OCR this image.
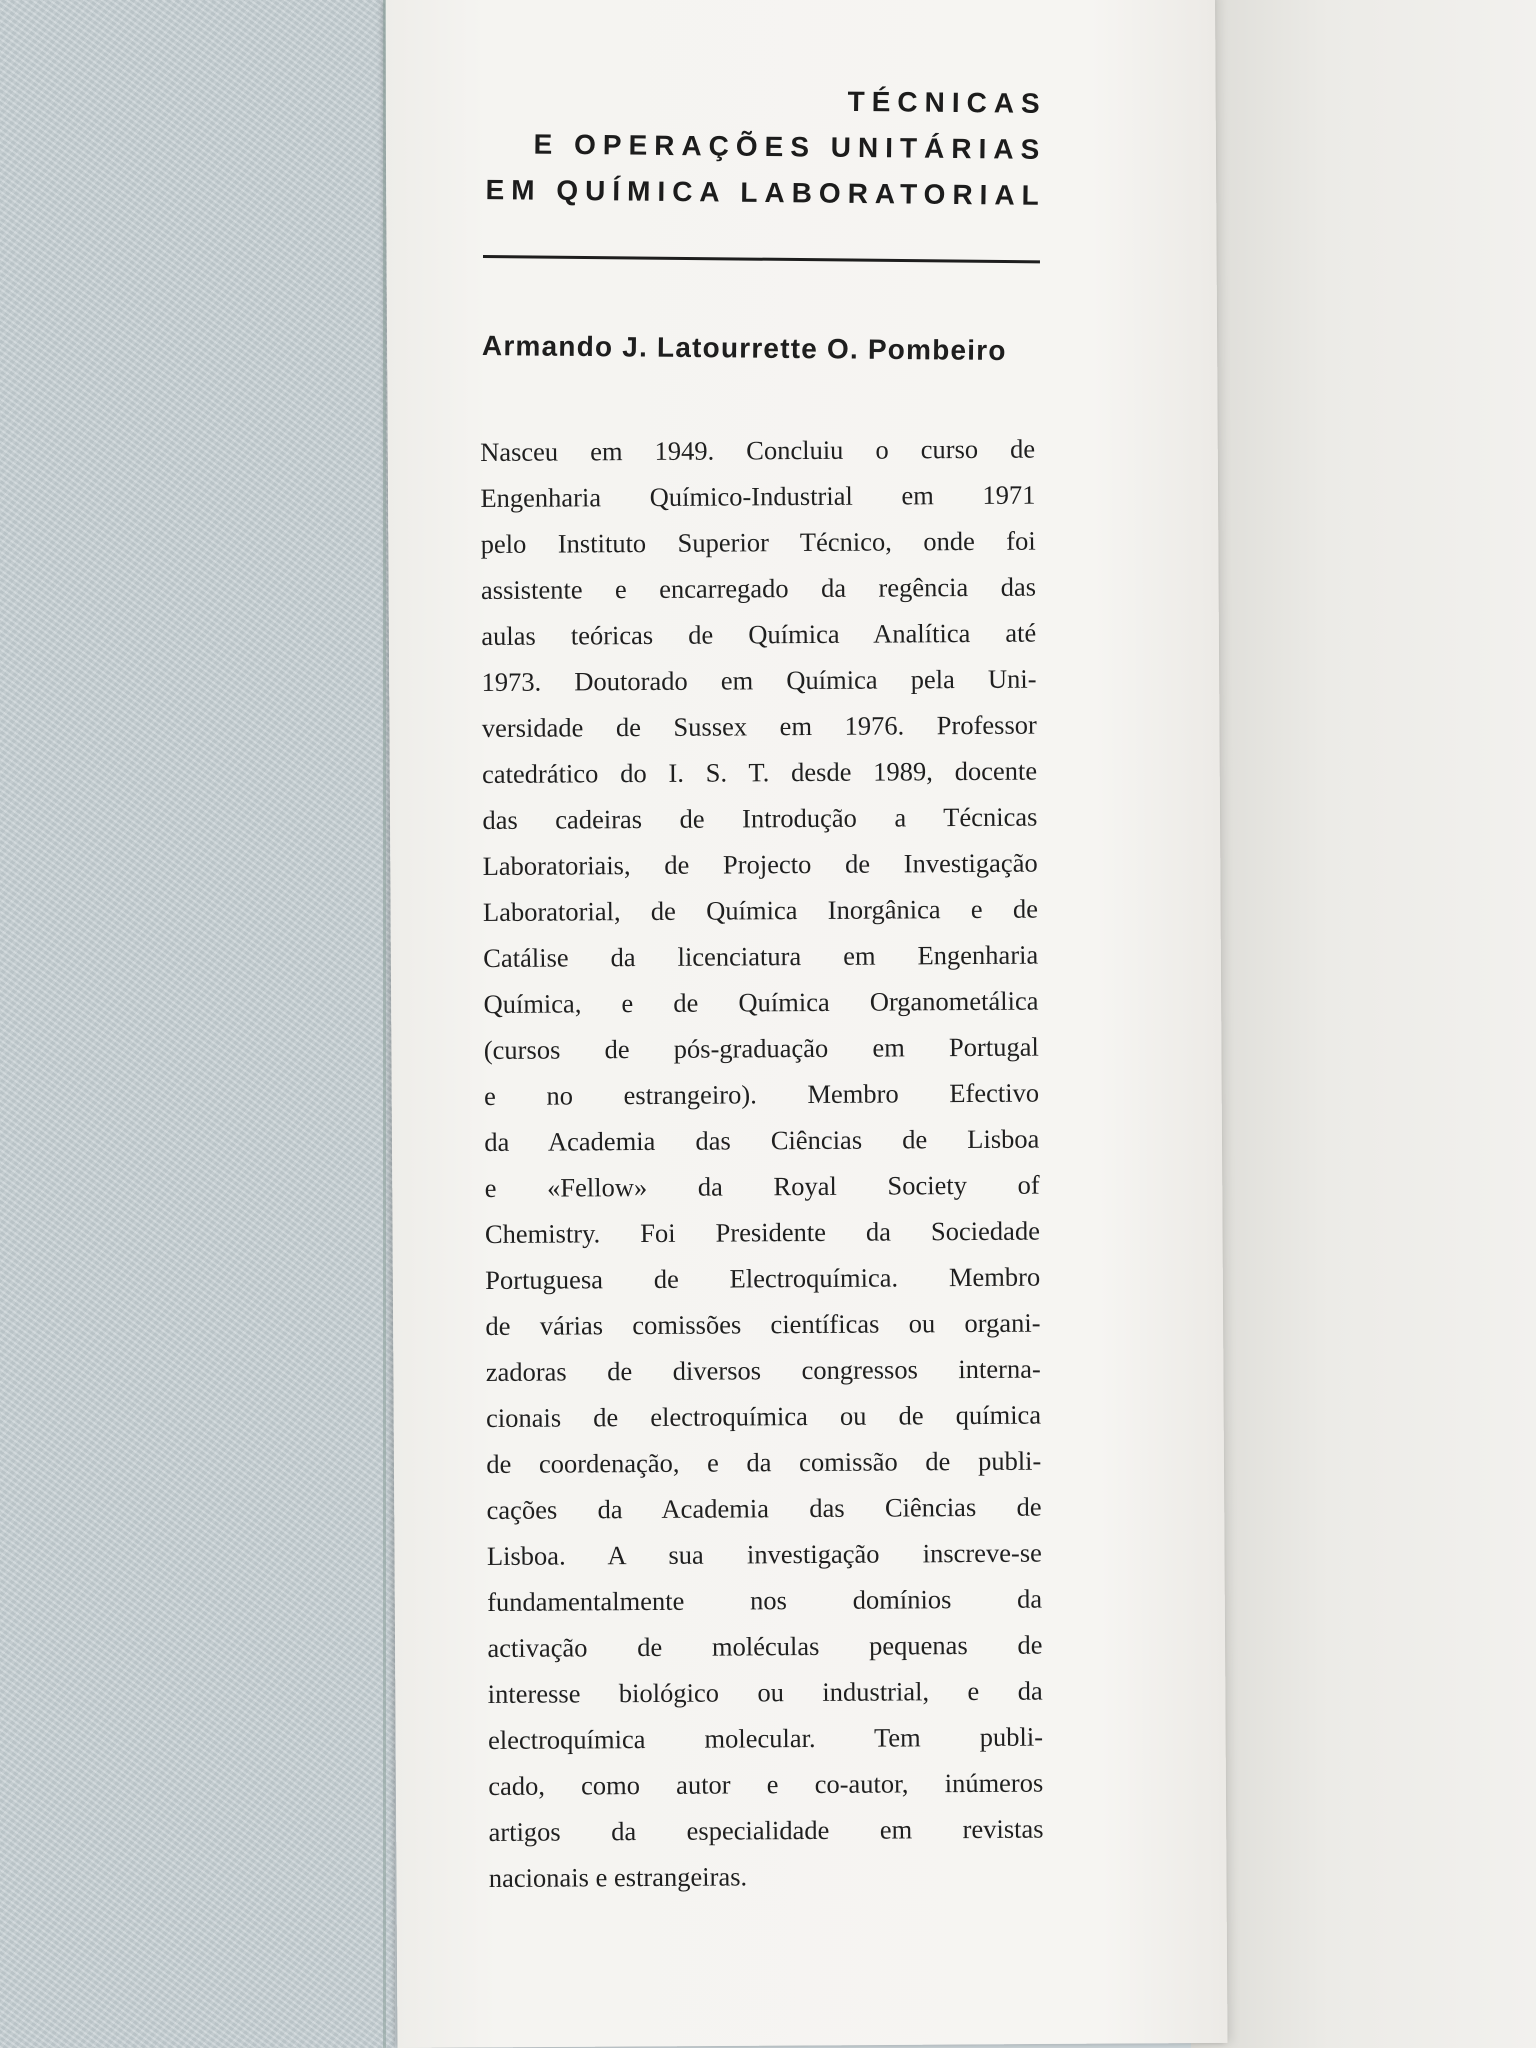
TÉCNICAS
E OPERAÇÕES UNITÁRIAS
EM QUÍMICA LABORATORIAL
Armando J. Latourrette O. Pombeiro
Nasceu em 1949. Concluiu o curso de
Engenharia Químico-Industrial em 1971
pelo Instituto Superior Técnico, onde foi
assistente e encarregado da regência das
aulas teóricas de Química Analítica até
1973. Doutorado em Química pela Uni-
versidade de Sussex em 1976. Professor
catedrático do I. S. T. desde 1989, docente
das cadeiras de Introdução a Técnicas
Laboratoriais, de Projecto de Investigação
Laboratorial, de Química Inorgânica e de
Catálise da licenciatura em Engenharia
Química, e de Química Organometálica
(cursos de pós-graduação em Portugal
e no estrangeiro). Membro Efectivo
da Academia das Ciências de Lisboa
e «Fellow» da Royal Society of
Chemistry. Foi Presidente da Sociedade
Portuguesa de Electroquímica. Membro
de várias comissões científicas ou organi-
zadoras de diversos congressos interna-
cionais de electroquímica ou de química
de coordenação, e da comissão de publi-
cações da Academia das Ciências de
Lisboa. A sua investigação inscreve-se
fundamentalmente nos domínios da
activação de moléculas pequenas de
interesse biológico ou industrial, e da
electroquímica molecular. Tem publi-
cado, como autor e co-autor, inúmeros
artigos da especialidade em revistas
nacionais e estrangeiras.
